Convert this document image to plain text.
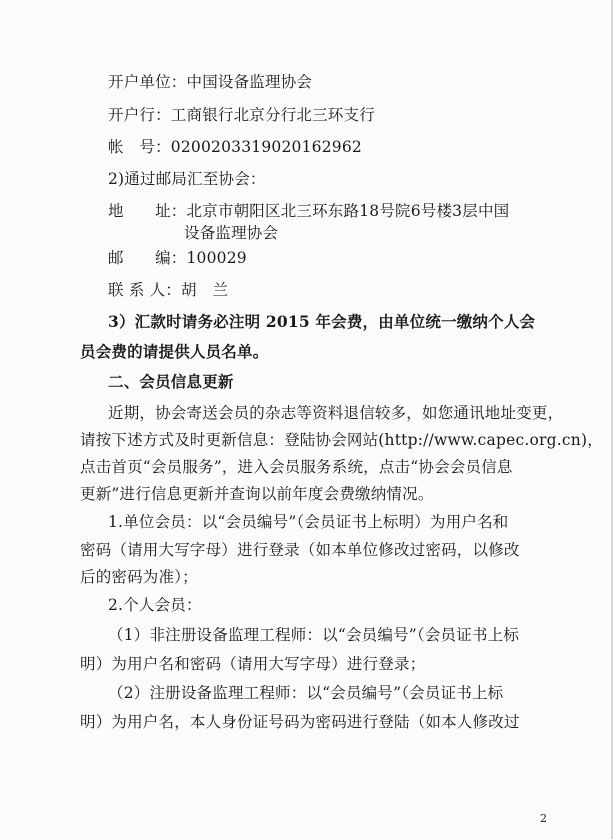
开户单位：中国设备监理协会
开户行：工商银行北京分行北三环支行
帐　号：0200203319020162962
2)通过邮局汇至协会：
地　　址：北京市朝阳区北三环东路18号院6号楼3层中国
设备监理协会
邮　　编：100029
联 系 人：胡　兰
3）汇款时请务必注明 2015 年会费，由单位统一缴纳个人会
员会费的请提供人员名单。
二、会员信息更新
近期，协会寄送会员的杂志等资料退信较多，如您通讯地址变更，
请按下述方式及时更新信息：登陆协会网站(http://www.capec.org.cn)，
点击首页“会员服务”，进入会员服务系统，点击“协会会员信息
更新”进行信息更新并查询以前年度会费缴纳情况。
1.单位会员：以“会员编号”（会员证书上标明）为用户名和
密码（请用大写字母）进行登录（如本单位修改过密码，以修改
后的密码为准）；
2.个人会员：
（1）非注册设备监理工程师：以“会员编号”（会员证书上标
明）为用户名和密码（请用大写字母）进行登录；
（2）注册设备监理工程师：以“会员编号”（会员证书上标
明）为用户名，本人身份证号码为密码进行登陆（如本人修改过
2
